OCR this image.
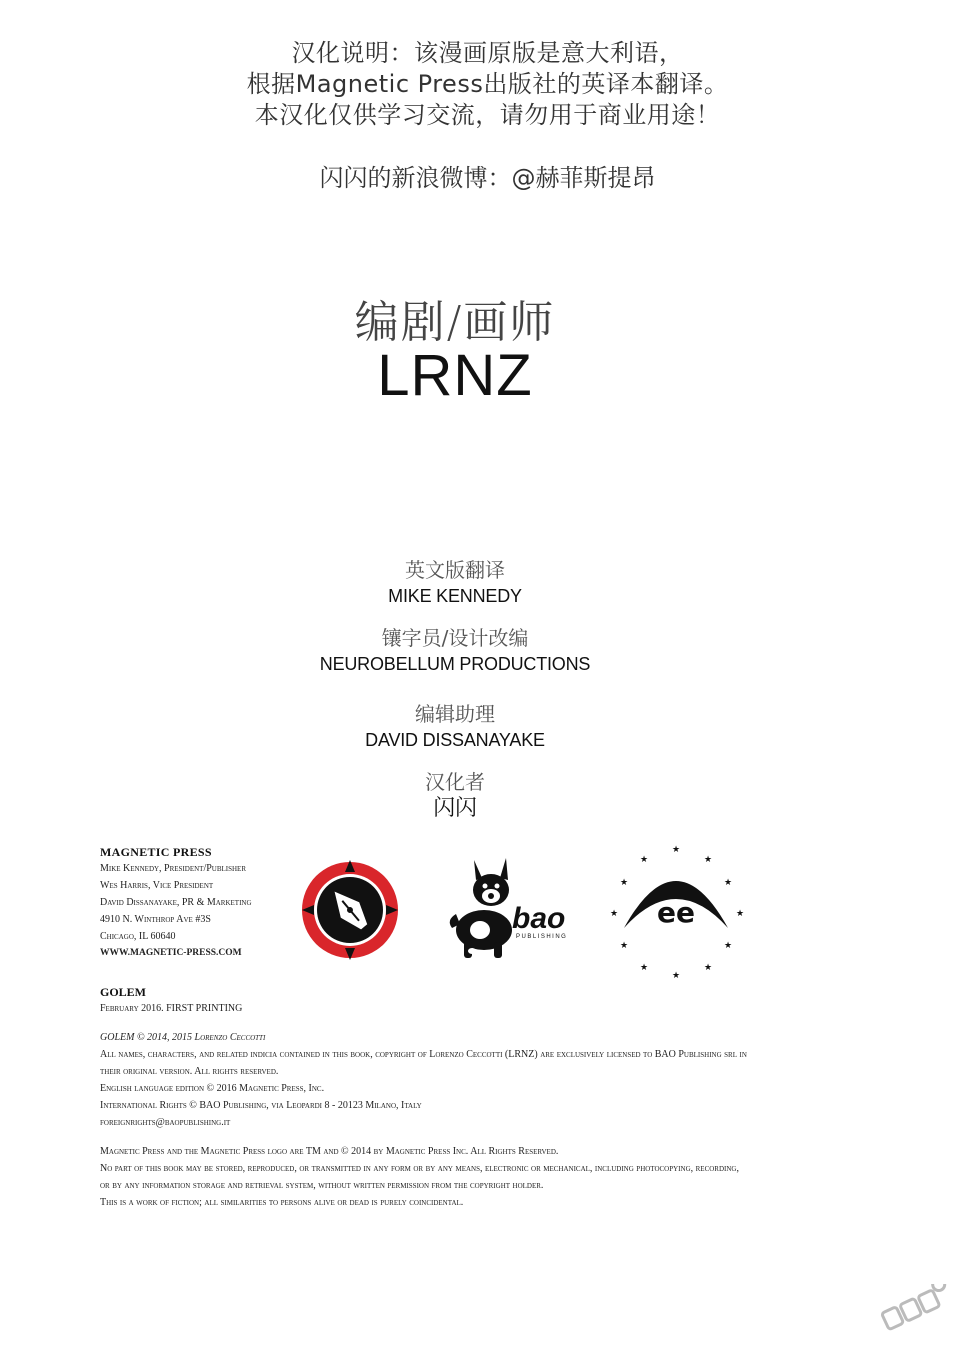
汉化说明：该漫画原版是意大利语，
根据Magnetic Press出版社的英译本翻译。
本汉化仅供学习交流，请勿用于商业用途！
闪闪的新浪微博：@赫菲斯提昂
编剧/画师
LRNZ
英文版翻译
MIKE KENNEDY
镶字员/设计改编
NEUROBELLUM PRODUCTIONS
编辑助理
DAVID DISSANAYAKE
汉化者
闪闪
MAGNETIC PRESS
Mike Kennedy, President/Publisher
Wes Harris, Vice President
David Dissanayake, PR & Marketing
4910 N. Winthrop Ave #3S
Chicago, IL 60640
WWW.MAGNETIC-PRESS.COM
bao
PUBLISHING
★
★	★
★	★
★	★
★	★
★	★
★
ee
GOLEM
February 2016. FIRST PRINTING
GOLEM © 2014, 2015 Lorenzo Ceccotti
All names, characters, and related indicia contained in this book, copyright of Lorenzo Ceccotti (LRNZ) are exclusively licensed to BAO Publishing srl in
their original version. All rights reserved.
English language edition © 2016 Magnetic Press, Inc.
International Rights © BAO Publishing, via Leopardi 8 - 20123 Milano, Italy
foreignrights@baopublishing.it
Magnetic Press and the Magnetic Press logo are TM and © 2014 by Magnetic Press Inc. All Rights Reserved.
No part of this book may be stored, reproduced, or transmitted in any form or by any means, electronic or mechanical, including photocopying, recording,
or by any information storage and retrieval system, without written permission from the copyright holder.
This is a work of fiction; all similarities to persons alive or dead is purely coincidental.
